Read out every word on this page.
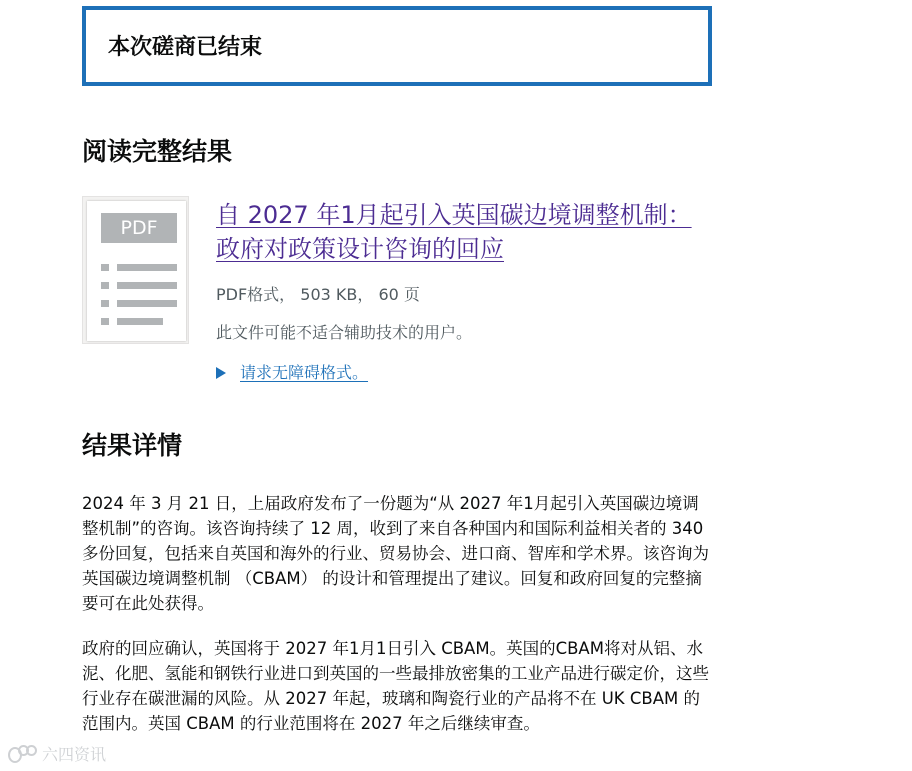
本次磋商已结束
阅读完整结果
PDF	自 2027 年1月起引入英国碳边境调整机制：政府对政策设计咨询的回应

PDF格式， 503 KB， 60 页

此文件可能不适合辅助技术的用户。

请求无障碍格式。
结果详情

2024 年 3 月 21 日，上届政府发布了一份题为“从 2027 年1月起引入英国碳边境调整机制”的咨询。该咨询持续了 12 周，收到了来自各种国内和国际利益相关者的 340 多份回复，包括来自英国和海外的行业、贸易协会、进口商、智库和学术界。该咨询为英国碳边境调整机制 （CBAM） 的设计和管理提出了建议。回复和政府回复的完整摘要可在此处获得。

政府的回应确认，英国将于 2027 年1月1日引入 CBAM。英国的CBAM将对从铝、水泥、化肥、氢能和钢铁行业进口到英国的一些最排放密集的工业产品进行碳定价，这些行业存在碳泄漏的风险。从 2027 年起，玻璃和陶瓷行业的产品将不在 UK CBAM 的范围内。英国 CBAM 的行业范围将在 2027 年之后继续审查。

六四资讯
